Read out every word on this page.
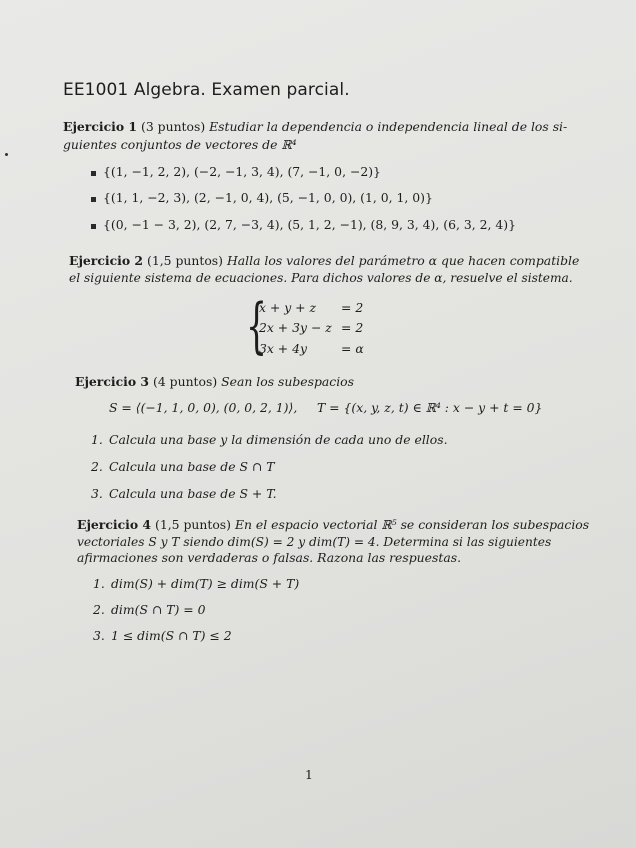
EE1001 Algebra. Examen parcial.
Ejercicio 1 (3 puntos) Estudiar la dependencia o independencia lineal de los si-
guientes conjuntos de vectores de ℝ⁴
{(1, −1, 2, 2), (−2, −1, 3, 4), (7, −1, 0, −2)}
{(1, 1, −2, 3), (2, −1, 0, 4), (5, −1, 0, 0), (1, 0, 1, 0)}
{(0, −1 − 3, 2), (2, 7, −3, 4), (5, 1, 2, −1), (8, 9, 3, 4), (6, 3, 2, 4)}
Ejercicio 2 (1,5 puntos) Halla los valores del parámetro α que hacen compatible
el siguiente sistema de ecuaciones. Para dichos valores de α, resuelve el sistema.
{
x + y + z = 2
2x + 3y − z = 2
3x + 4y	= α
Ejercicio 3 (4 puntos) Sean los subespacios
S = ⟨(−1, 1, 0, 0), (0, 0, 2, 1)⟩,     T = {(x, y, z, t) ∈ ℝ⁴ : x − y + t = 0}
1. Calcula una base y la dimensión de cada uno de ellos.
2. Calcula una base de S ∩ T
3. Calcula una base de S + T.
Ejercicio 4 (1,5 puntos) En el espacio vectorial ℝ⁵ se consideran los subespacios
vectoriales S y T siendo dim(S) = 2 y dim(T) = 4. Determina si las siguientes
afirmaciones son verdaderas o falsas. Razona las respuestas.
1. dim(S) + dim(T) ≥ dim(S + T)
2. dim(S ∩ T) = 0
3. 1 ≤ dim(S ∩ T) ≤ 2
1
